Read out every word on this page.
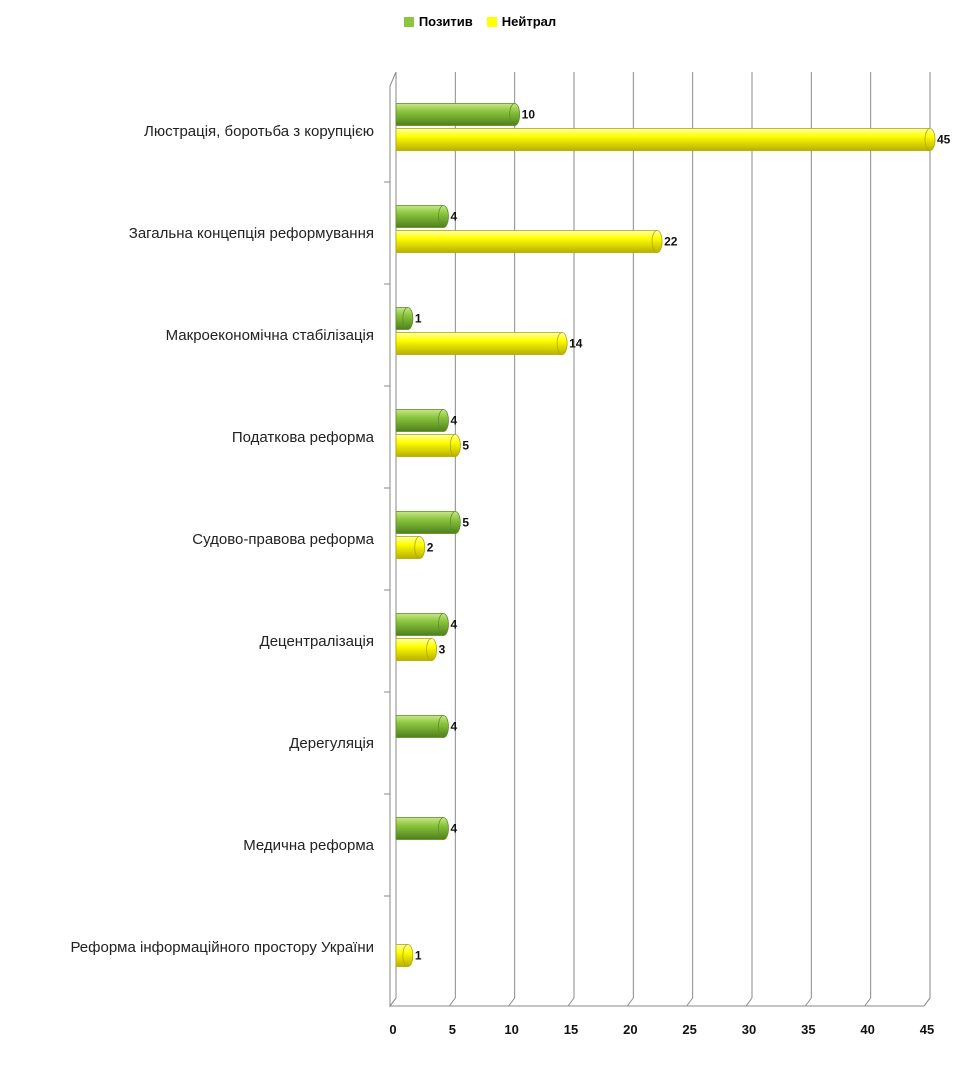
Позитив Нейтрал
0	5	10	15	20	25	30	35	40	45
Люстрація, боротьба з корупцією
10
45
Загальна концепція реформування
4
22
Макроекономічна стабілізація
1
14
Податкова реформа
4
5
Судово-правова реформа
5
2
Децентралізація
4
3
Дерегуляція
4
Медична реформа
4
Реформа інформаційного простору України	1
